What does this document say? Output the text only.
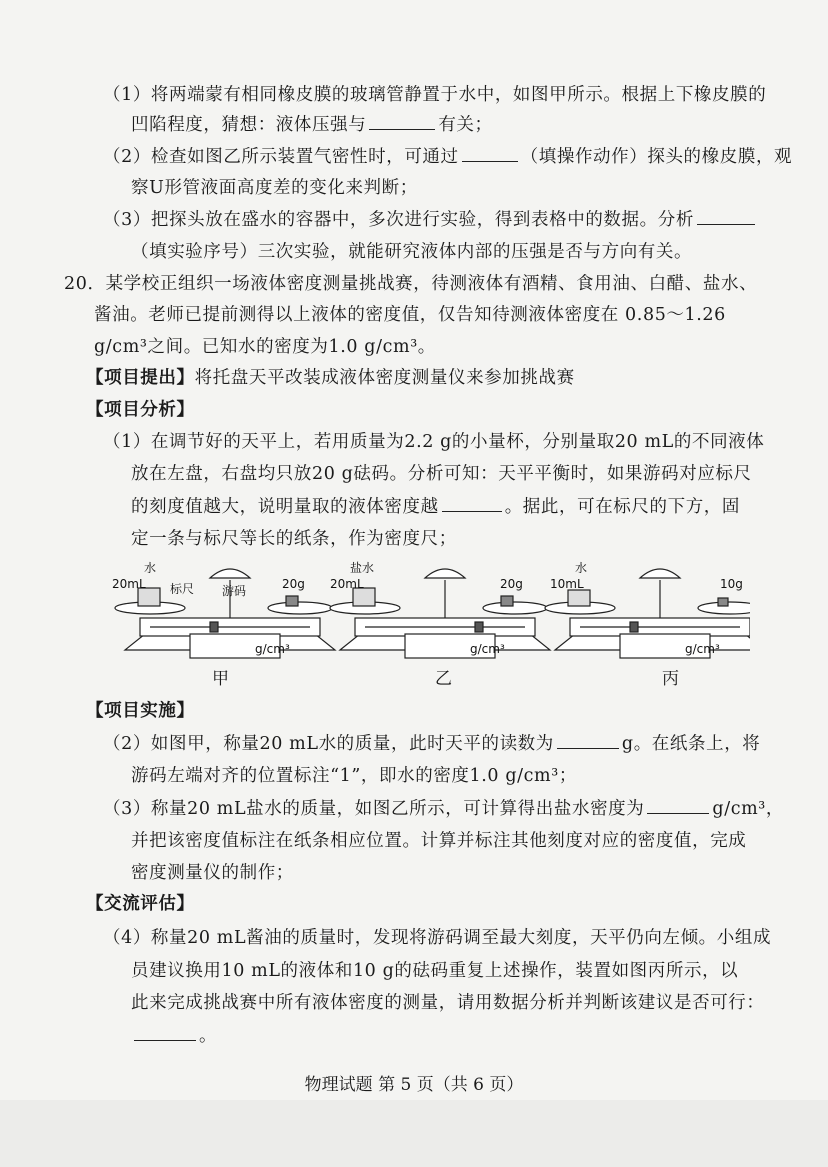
（1）将两端蒙有相同橡皮膜的玻璃管静置于水中，如图甲所示。根据上下橡皮膜的
凹陷程度，猜想：液体压强与	有关；
（2）检查如图乙所示装置气密性时，可通过	（填操作动作）探头的橡皮膜，观
察U形管液面高度差的变化来判断；
（3）把探头放在盛水的容器中，多次进行实验，得到表格中的数据。分析
（填实验序号）三次实验，就能研究液体内部的压强是否与方向有关。
20．某学校正组织一场液体密度测量挑战赛，待测液体有酒精、食用油、白醋、盐水、
酱油。老师已提前测得以上液体的密度值，仅告知待测液体密度在 0.85～1.26
g/cm³之间。已知水的密度为1.0 g/cm³。
【项目提出】将托盘天平改装成液体密度测量仪来参加挑战赛
【项目分析】
（1）在调节好的天平上，若用质量为2.2 g的小量杯，分别量取20 mL的不同液体
放在左盘，右盘均只放20 g砝码。分析可知：天平平衡时，如果游码对应标尺
的刻度值越大，说明量取的液体密度越	。据此，可在标尺的下方，固
定一条与标尺等长的纸条，作为密度尺；
20mL
水
标尺 游码	20g
g/cm³
20mL
盐水
20g
g/cm³
10mL
水
10g
g/cm³
甲	乙	丙
【项目实施】
（2）如图甲，称量20 mL水的质量，此时天平的读数为	g。在纸条上，将
游码左端对齐的位置标注“1”，即水的密度1.0 g/cm³；
（3）称量20 mL盐水的质量，如图乙所示，可计算得出盐水密度为	g/cm³，
并把该密度值标注在纸条相应位置。计算并标注其他刻度对应的密度值，完成
密度测量仪的制作；
【交流评估】
（4）称量20 mL酱油的质量时，发现将游码调至最大刻度，天平仍向左倾。小组成
员建议换用10 mL的液体和10 g的砝码重复上述操作，装置如图丙所示，以
此来完成挑战赛中所有液体密度的测量，请用数据分析并判断该建议是否可行：
。
物理试题 第 5 页（共 6 页）
